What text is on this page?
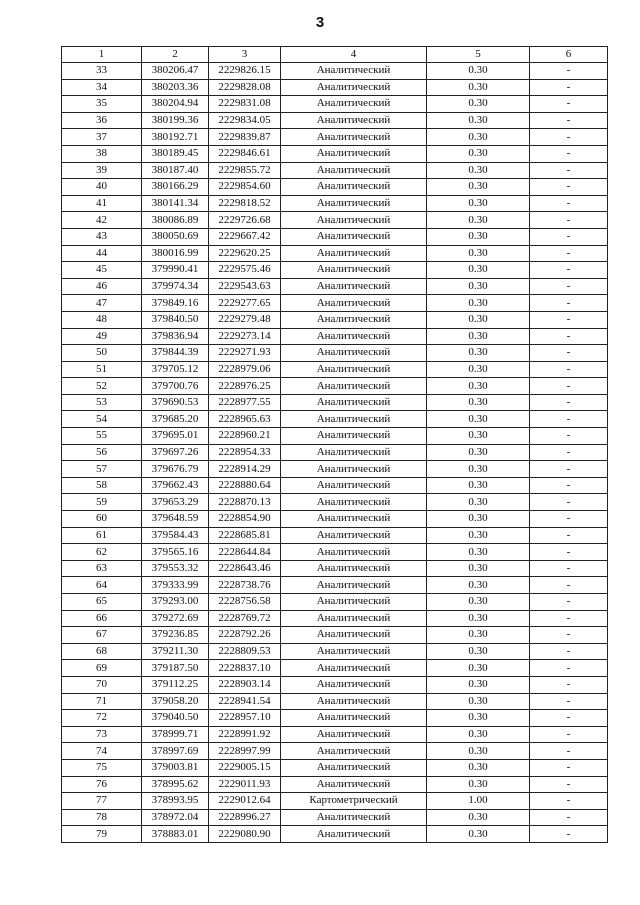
3
1	2	3	4	5	6
33	380206.47	2229826.15	Аналитический	0.30	-
34	380203.36	2229828.08	Аналитический	0.30	-
35	380204.94	2229831.08	Аналитический	0.30	-
36	380199.36	2229834.05	Аналитический	0.30	-
37	380192.71	2229839.87	Аналитический	0.30	-
38	380189.45	2229846.61	Аналитический	0.30	-
39	380187.40	2229855.72	Аналитический	0.30	-
40	380166.29	2229854.60	Аналитический	0.30	-
41	380141.34	2229818.52	Аналитический	0.30	-
42	380086.89	2229726.68	Аналитический	0.30	-
43	380050.69	2229667.42	Аналитический	0.30	-
44	380016.99	2229620.25	Аналитический	0.30	-
45	379990.41	2229575.46	Аналитический	0.30	-
46	379974.34	2229543.63	Аналитический	0.30	-
47	379849.16	2229277.65	Аналитический	0.30	-
48	379840.50	2229279.48	Аналитический	0.30	-
49	379836.94	2229273.14	Аналитический	0.30	-
50	379844.39	2229271.93	Аналитический	0.30	-
51	379705.12	2228979.06	Аналитический	0.30	-
52	379700.76	2228976.25	Аналитический	0.30	-
53	379690.53	2228977.55	Аналитический	0.30	-
54	379685.20	2228965.63	Аналитический	0.30	-
55	379695.01	2228960.21	Аналитический	0.30	-
56	379697.26	2228954.33	Аналитический	0.30	-
57	379676.79	2228914.29	Аналитический	0.30	-
58	379662.43	2228880.64	Аналитический	0.30	-
59	379653.29	2228870.13	Аналитический	0.30	-
60	379648.59	2228854.90	Аналитический	0.30	-
61	379584.43	2228685.81	Аналитический	0.30	-
62	379565.16	2228644.84	Аналитический	0.30	-
63	379553.32	2228643.46	Аналитический	0.30	-
64	379333.99	2228738.76	Аналитический	0.30	-
65	379293.00	2228756.58	Аналитический	0.30	-
66	379272.69	2228769.72	Аналитический	0.30	-
67	379236.85	2228792.26	Аналитический	0.30	-
68	379211.30	2228809.53	Аналитический	0.30	-
69	379187.50	2228837.10	Аналитический	0.30	-
70	379112.25	2228903.14	Аналитический	0.30	-
71	379058.20	2228941.54	Аналитический	0.30	-
72	379040.50	2228957.10	Аналитический	0.30	-
73	378999.71	2228991.92	Аналитический	0.30	-
74	378997.69	2228997.99	Аналитический	0.30	-
75	379003.81	2229005.15	Аналитический	0.30	-
76	378995.62	2229011.93	Аналитический	0.30	-
77	378993.95	2229012.64	Картометрический	1.00	-
78	378972.04	2228996.27	Аналитический	0.30	-
79	378883.01	2229080.90	Аналитический	0.30	-
